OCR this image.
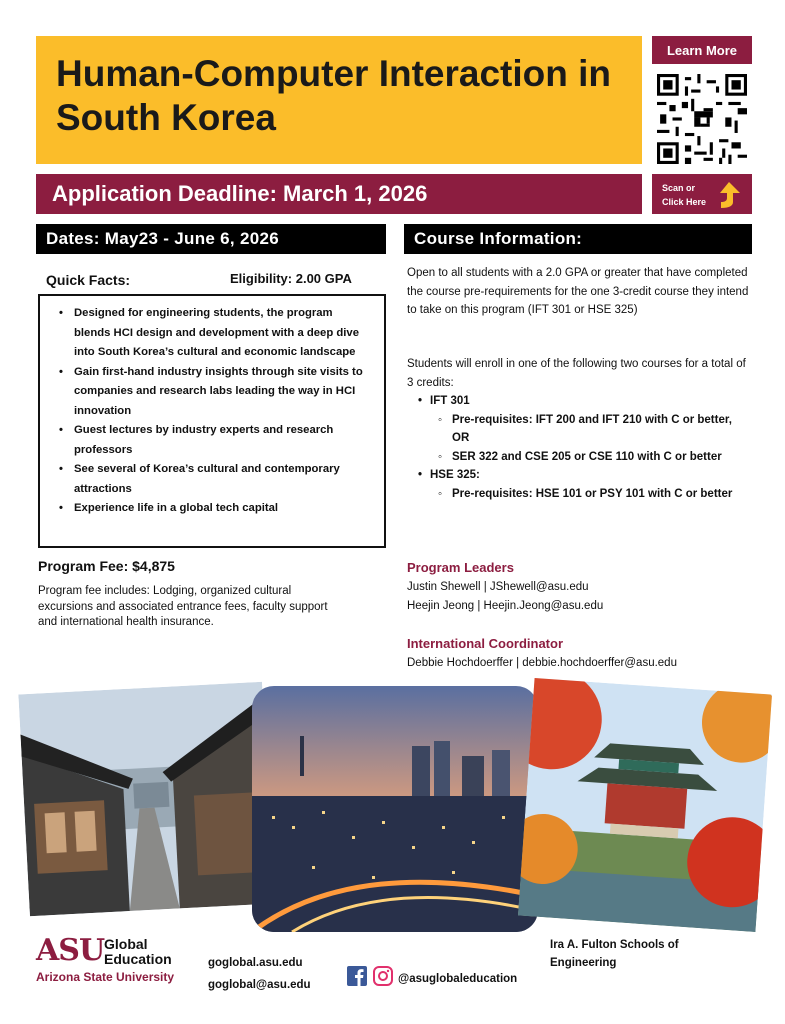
Human-Computer Interaction in South Korea
Learn More
Application Deadline: March 1, 2026	Scan or
Click Here
Dates: May23 - June 6, 2026	Course Information:
Quick Facts:	Eligibility: 2.00 GPA
• Designed for engineering students, the program blends HCI design and development with a deep dive into South Korea’s cultural and economic landscape
• Gain first-hand industry insights through site visits to companies and research labs leading the way in HCI innovation
• Guest lectures by industry experts and research professors
• See several of Korea’s cultural and contemporary attractions
• Experience life in a global tech capital
Program Fee: $4,875
Program fee includes: Lodging, organized cultural excursions and associated entrance fees, faculty support and international health insurance.
Open to all students with a 2.0 GPA or greater that have completed the course pre-requirements for the one 3-credit course they intend to take on this program (IFT 301 or HSE 325)
Students will enroll in one of the following two courses for a total of 3 credits:
• IFT 301
◦ Pre-requisites: IFT 200 and IFT 210 with C or better, OR
◦ SER 322 and CSE 205 or CSE 110 with C or better
• HSE 325:
◦ Pre-requisites: HSE 101 or PSY 101 with C or better
Program Leaders
Justin Shewell | JShewell@asu.edu
Heejin Jeong | Heejin.Jeong@asu.edu
International Coordinator
Debbie Hochdoerffer | debbie.hochdoerffer@asu.edu
ASU Global
Education
Arizona State University
goglobal.asu.edu
goglobal@asu.edu	@asuglobaleducation
Ira A. Fulton Schools of Engineering
